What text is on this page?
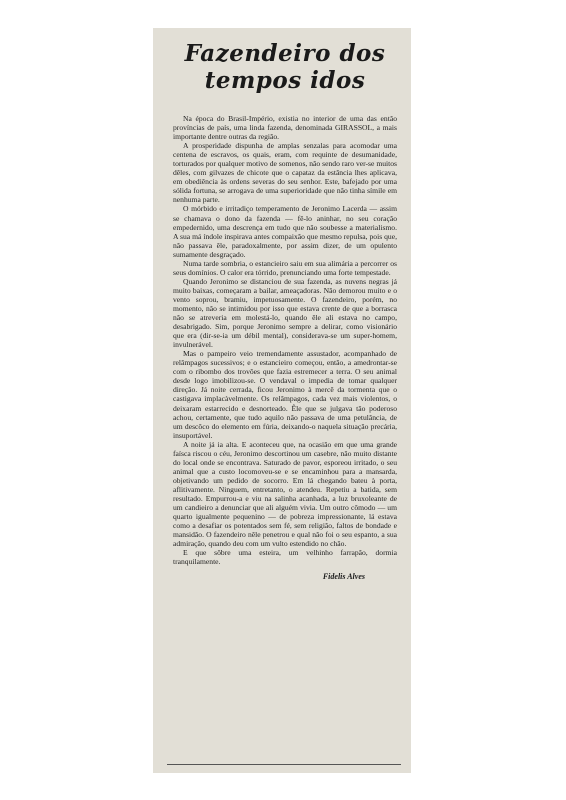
Fazendeiro dos
tempos idos

Na época do Brasil-Império, existia no interior de uma das então províncias de país, uma linda fazenda, denominada GIRASSOL, a mais importante dentre outras da região.

A prosperidade dispunha de amplas senzalas para acomodar uma centena de escravos, os quais, eram, com requinte de desumanidade, torturados por qualquer motivo de somenos, não sendo raro ver-se muitos dêles, com gilvazes de chicote que o capataz da estância lhes aplicava, em obediência às ordens severas do seu senhor. Este, bafejado por uma sólida fortuna, se arrogava de uma superioridade que não tinha símile em nenhuma parte.

O mórbido e irritadiço temperamento de Jeronimo Lacerda — assim se chamava o dono da fazenda — fê-lo aninhar, no seu coração empedernido, uma descrença em tudo que não soubesse a materialismo. A sua má índole inspirava antes compaixão que mesmo repulsa, pois que, não passava êle, paradoxalmente, por assim dizer, de um opulento sumamente desgraçado.

Numa tarde sombria, o estancieiro saiu em sua alimária a percorrer os seus domínios. O calor era tórrido, prenunciando uma forte tempestade.

Quando Jeronimo se distanciou de sua fazenda, as nuvens negras já muito baixas, começaram a bailar, ameaçadoras. Não demorou muito e o vento soprou, bramiu, impetuosamente. O fazendeiro, porém, no momento, não se intimidou por isso que estava crente de que a borrasca não se atreveria em molestá-lo, quando êle ali estava no campo, desabrigado. Sim, porque Jeronimo sempre a delirar, como visionário que era (dir-se-ia um débil mental), considerava-se um super-homem, invulnerável.

Mas o pampeiro veio tremendamente assustador, acompanhado de relâmpagos sucessivos; e o estancieiro começou, então, a amedrontar-se com o ribombo dos trovões que fazia estremecer a terra. O seu animal desde logo imobilizou-se. O vendaval o impedia de tomar qualquer direção. Já noite cerrada, ficou Jeronimo à mercê da tormenta que o castigava implacàvelmente. Os relâmpagos, cada vez mais violentos, o deixaram estarrecido e desnorteado. Êle que se julgava tão poderoso achou, certamente, que tudo aquilo não passava de uma petulância, de um descôco do elemento em fúria, deixando-o naquela situação precária, insuportável.

A noite já ia alta. E aconteceu que, na ocasião em que uma grande faísca riscou o céu, Jeronimo descortinou um casebre, não muito distante do local onde se encontrava. Saturado de pavor, esporeou irritado, o seu animal que a custo locomoveu-se e se encaminhou para a mansarda, objetivando um pedido de socorro. Em lá chegando bateu à porta, aflitivamente. Ninguem, entretanto, o atendeu. Repetiu a batida, sem resultado. Empurrou-a e viu na salinha acanhada, a luz bruxoleante de um candieiro a denunciar que ali alguém vivia. Um outro cômodo — um quarto igualmente pequenino — de pobreza impressionante, lá estava como a desafiar os potentados sem fé, sem religião, faltos de bondade e mansidão. O fazendeiro nêle penetrou e qual não foi o seu espanto, a sua admiração, quando deu com um vulto estendido no chão.

E que sôbre uma esteira, um velhinho farrapão, dormia tranquilamente.

Fidelis Alves
